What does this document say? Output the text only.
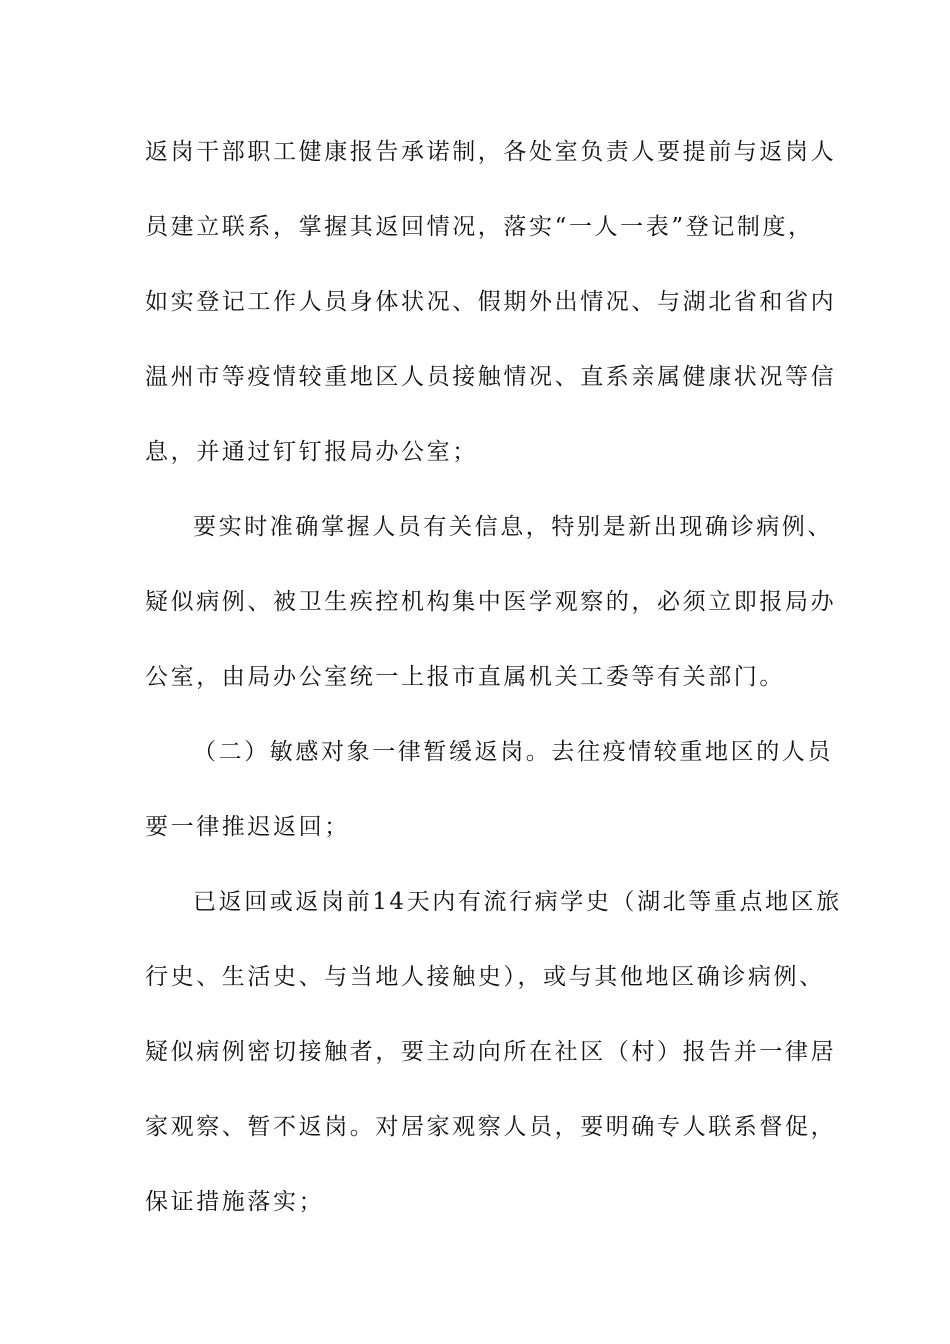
返岗干部职工健康报告承诺制，各处室负责人要提前与返岗人
员建立联系，掌握其返回情况，落实“一人一表”登记制度，
如实登记工作人员身体状况、假期外出情况、与湖北省和省内
温州市等疫情较重地区人员接触情况、直系亲属健康状况等信
息，并通过钉钉报局办公室；
要实时准确掌握人员有关信息，特别是新出现确诊病例、
疑似病例、被卫生疾控机构集中医学观察的，必须立即报局办
公室，由局办公室统一上报市直属机关工委等有关部门。
（二）敏感对象一律暂缓返岗。去往疫情较重地区的人员
要一律推迟返回；
已返回或返岗前14天内有流行病学史（湖北等重点地区旅
行史、生活史、与当地人接触史），或与其他地区确诊病例、
疑似病例密切接触者，要主动向所在社区（村）报告并一律居
家观察、暂不返岗。对居家观察人员，要明确专人联系督促，
保证措施落实；
